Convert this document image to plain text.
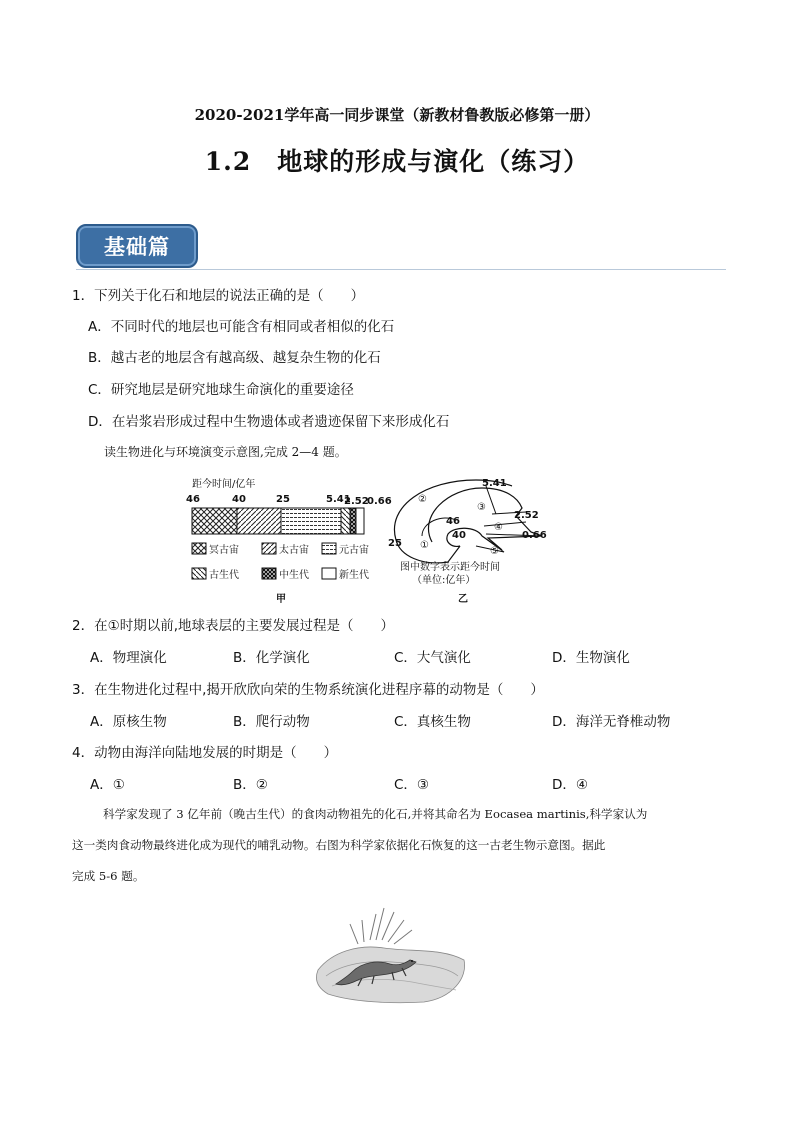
2020-2021学年高一同步课堂（新教材鲁教版必修第一册）
1.2　地球的形成与演化（练习）
基础篇
1．下列关于化石和地层的说法正确的是（　　）
A．不同时代的地层也可能含有相同或者相似的化石
B．越古老的地层含有越高级、越复杂生物的化石
C．研究地层是研究地球生命演化的重要途径
D．在岩浆岩形成过程中生物遗体或者遗迹保留下来形成化石
读生物进化与环境演变示意图,完成 2—4 题。
距今时间/亿年
46	40	25	5.41
2.52
0.66
冥古宙	太古宙	元古宙
古生代	中生代	新生代
甲
②
③
④
①
⑤
5.41
2.52
46
40	0.66
25
图中数字表示距今时间
（单位:亿年）
乙
2．在①时期以前,地球表层的主要发展过程是（　　）
A．物理演化	B．化学演化	C．大气演化	D．生物演化
3．在生物进化过程中,揭开欣欣向荣的生物系统演化进程序幕的动物是（　　）
A．原核生物	B．爬行动物	C．真核生物	D．海洋无脊椎动物
4．动物由海洋向陆地发展的时期是（　　）
A．①	B．②	C．③	D．④
科学家发现了 3 亿年前（晚古生代）的食肉动物祖先的化石,并将其命名为 Eocasea martinis,科学家认为
这一类肉食动物最终进化成为现代的哺乳动物。右图为科学家依据化石恢复的这一古老生物示意图。据此
完成 5-6 题。
